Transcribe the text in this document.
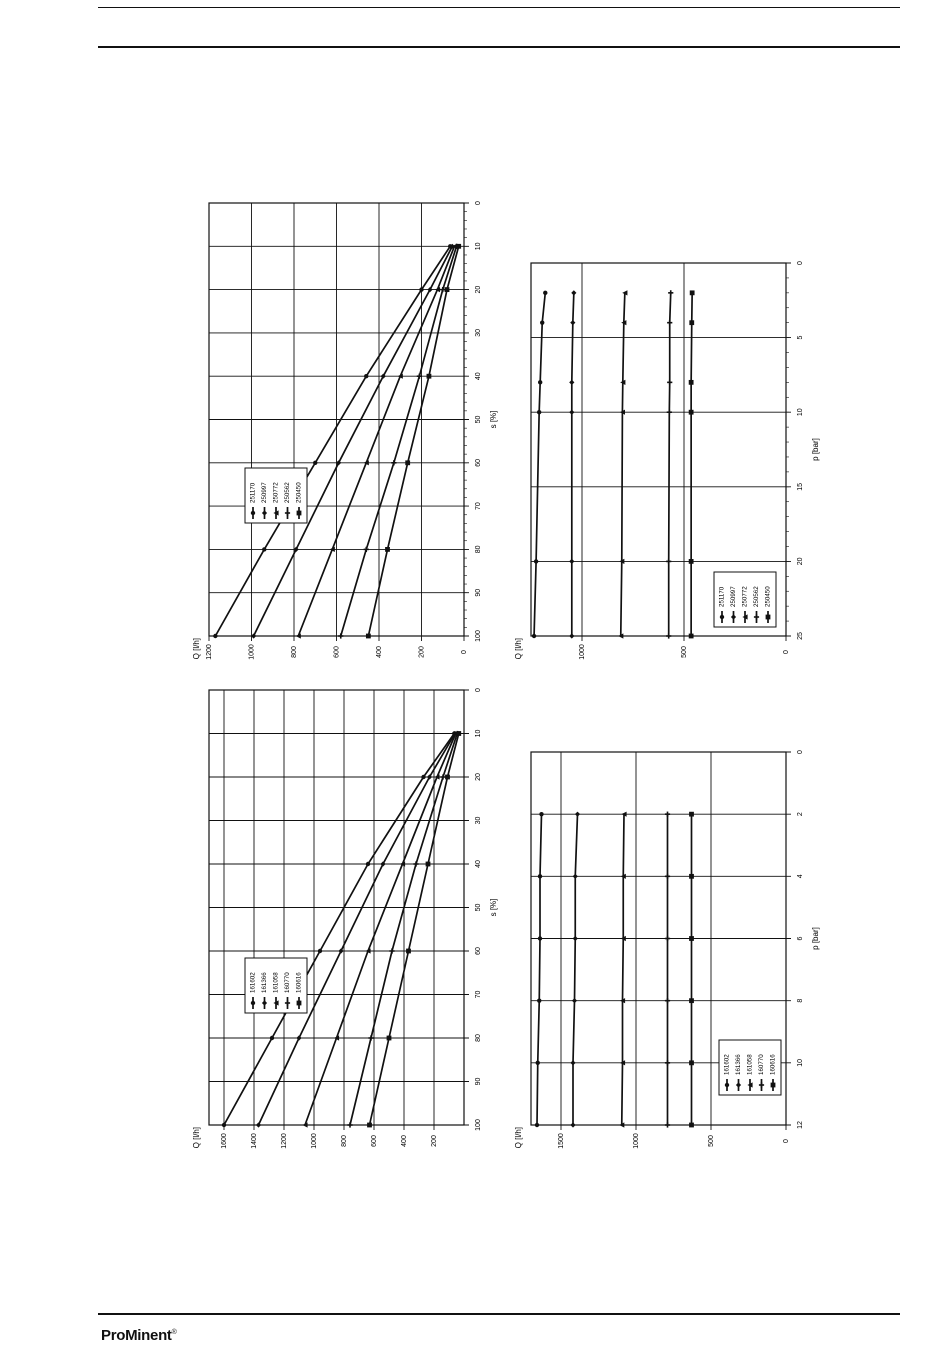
0
10
20
30
40
50
60
70
80
90
100
0
200
400
600
800
1000
1200
s [%]
Q [l/h]
251170 250997 250772 250562 250450
0
5
10
15
20
25
0
500
1000
p [bar]
Q [l/h]
251170 250997 250772 250562 250450
0
10
20
30
40
50
60
70
80
90
100
200
400
600
800
1000
1200
1400
1600
s [%]
Q [l/h]
161602 161366 161058 160770 160616
0
2
4
6
8
10
12
0
500
1000
1500
p [bar]
Q [l/h]
161602 161366 161058 160770 160616
ProMinent®
